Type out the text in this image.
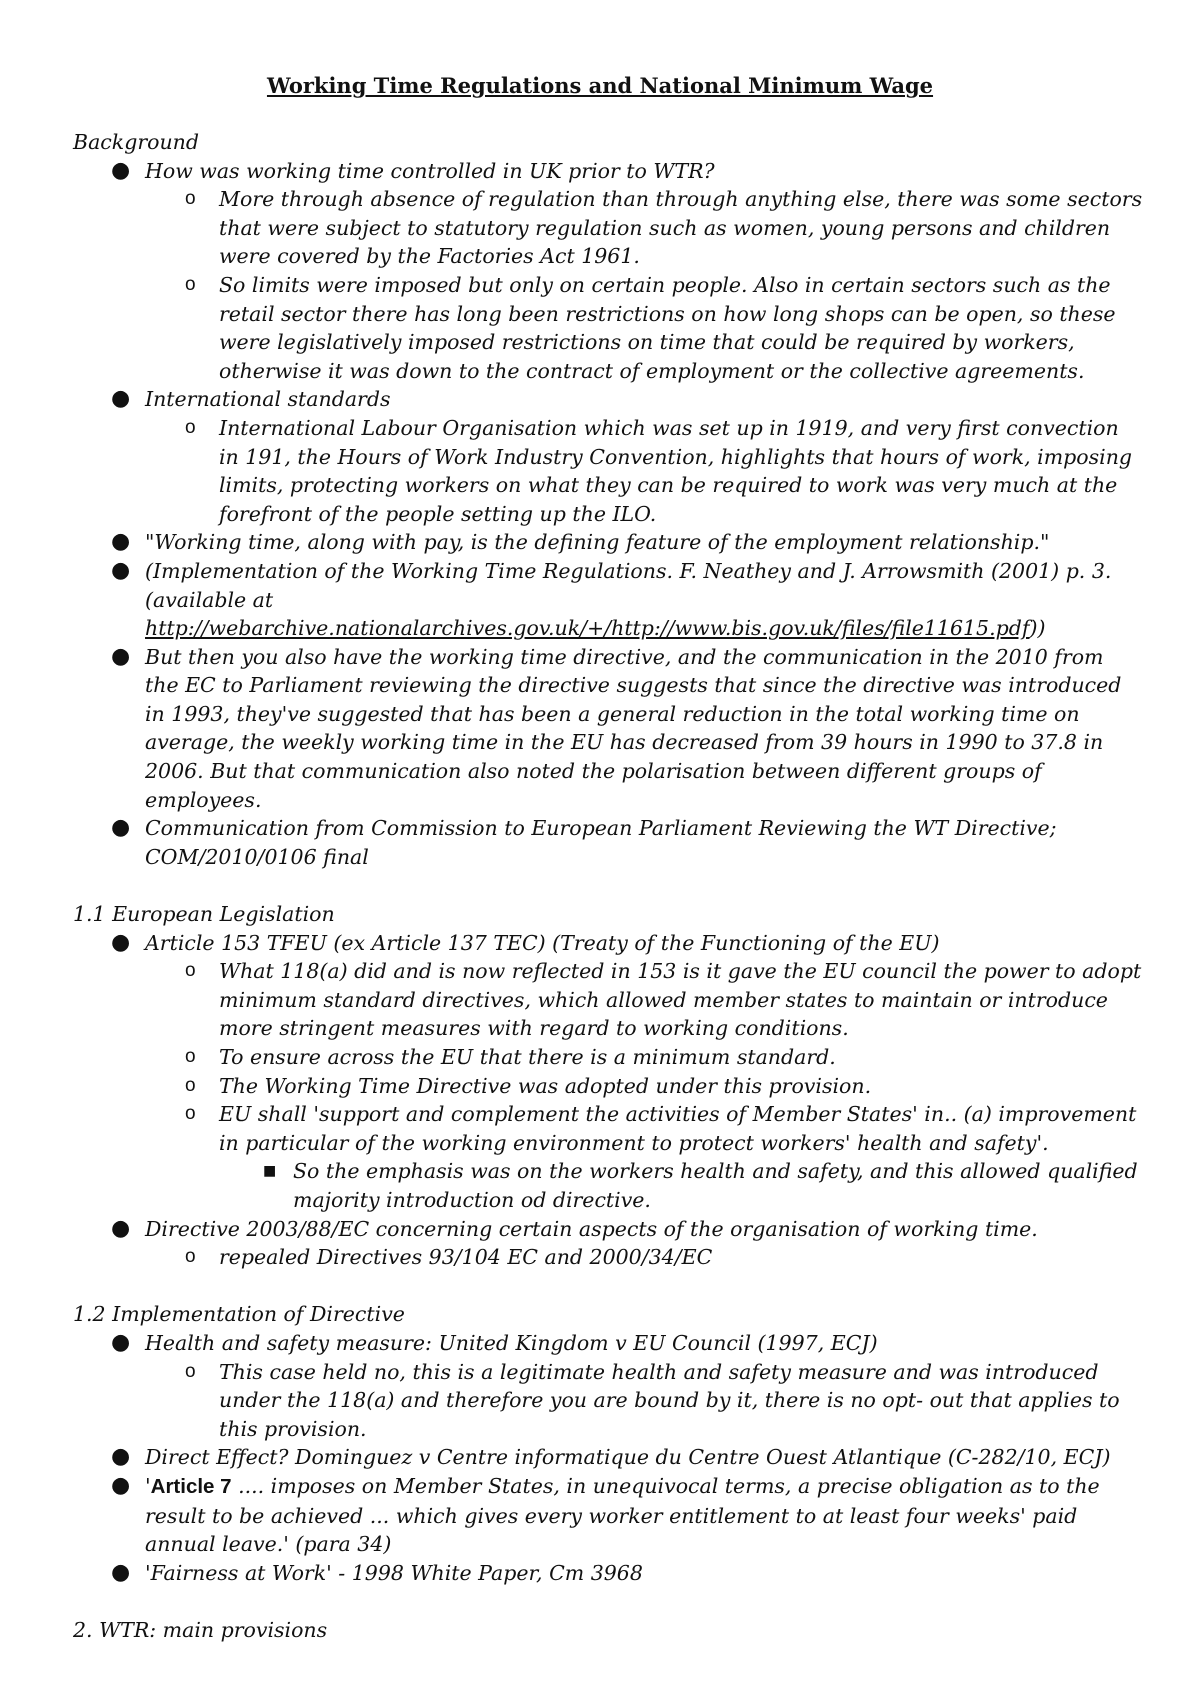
Working Time Regulations and National Minimum Wage
Background
● How was working time controlled in UK prior to WTR?
o More through absence of regulation than through anything else, there was some sectors that were subject to statutory regulation such as women, young persons and children were covered by the Factories Act 1961.
o So limits were imposed but only on certain people. Also in certain sectors such as the retail sector there has long been restrictions on how long shops can be open, so these were legislatively imposed restrictions on time that could be required by workers, otherwise it was down to the contract of employment or the collective agreements.
● International standards
o International Labour Organisation which was set up in 1919, and very first convection in 191, the Hours of Work Industry Convention, highlights that hours of work, imposing limits, protecting workers on what they can be required to work was very much at the forefront of the people setting up the ILO.
● "Working time, along with pay, is the defining feature of the employment relationship."
● (Implementation of the Working Time Regulations. F. Neathey and J. Arrowsmith (2001) p. 3. (available at http://webarchive.nationalarchives.gov.uk/+/http://www.bis.gov.uk/files/file11615.pdf))
● But then you also have the working time directive, and the communication in the 2010 from the EC to Parliament reviewing the directive suggests that since the directive was introduced in 1993, they've suggested that has been a general reduction in the total working time on average, the weekly working time in the EU has decreased from 39 hours in 1990 to 37.8 in 2006. But that communication also noted the polarisation between different groups of employees.
● Communication from Commission to European Parliament Reviewing the WT Directive; COM/2010/0106 final
1.1 European Legislation
● Article 153 TFEU (ex Article 137 TEC) (Treaty of the Functioning of the EU)
o What 118(a) did and is now reflected in 153 is it gave the EU council the power to adopt minimum standard directives, which allowed member states to maintain or introduce more stringent measures with regard to working conditions.
o To ensure across the EU that there is a minimum standard.
o The Working Time Directive was adopted under this provision.
o EU shall 'support and complement the activities of Member States' in.. (a) improvement in particular of the working environment to protect workers' health and safety'.
■ So the emphasis was on the workers health and safety, and this allowed qualified majority introduction od directive.
● Directive 2003/88/EC concerning certain aspects of the organisation of working time.
o repealed Directives 93/104 EC and 2000/34/EC
1.2 Implementation of Directive
● Health and safety measure: United Kingdom v EU Council (1997, ECJ)
o This case held no, this is a legitimate health and safety measure and was introduced under the 118(a) and therefore you are bound by it, there is no opt- out that applies to this provision.
● Direct Effect? Dominguez v Centre informatique du Centre Ouest Atlantique (C-282/10, ECJ)
● 'Article 7 .... imposes on Member States, in unequivocal terms, a precise obligation as to the result to be achieved ... which gives every worker entitlement to at least four weeks' paid annual leave.' (para 34)
● 'Fairness at Work' - 1998 White Paper, Cm 3968
2. WTR: main provisions
